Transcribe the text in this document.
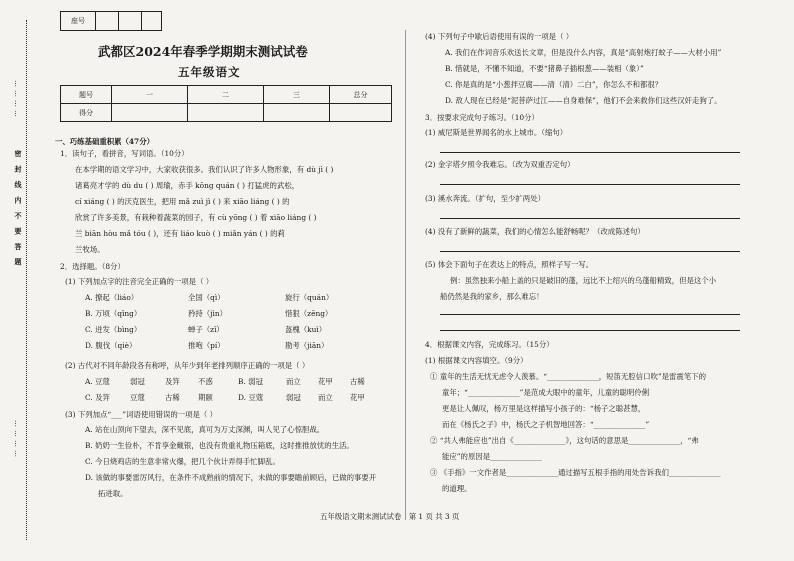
座号			
密 封 线 内 不 要 答 题
…………
…………
武都区2024年春季学期期末测试试卷
五年级语文
题号	一	二	三	总分
得分				
一、巧练基础重积累（47分）
1．读句子，看拼音，写词语。（10分）
在本学期的语文学习中，大家收获很多。我们认识了许多人物形象，有 dù jì ( )
诸葛亮才学的 dù du ( ) 周瑜，赤手 kōng quán ( ) 打猛虎的武松，
cí xiáng ( ) 的沃克医生，把用 mǎ zuì jì ( ) 来 xiāo liáng ( ) 的
欣赏了许多美景，有栽种着蔬菜的园子，有 cù yōng ( ) 着 xiāo liáng ( )
兰 biān hòu mǎ tóu ( )，还有 liáo kuò ( ) miǎn yán ( ) 的莉
兰牧场。
2．选择题。（8分）
(1) 下列加点字的注音完全正确的一项是（ ）
A. 撩起（liáo）	全国（qì）	旋行（quán）
B. 万顷（qǐng）	矜持（jìn）	惜狠（zēng）
C. 迸发（bìng）	蝉子（zǐ）	盔槐（kuì）
D. 腹伐（qiè）	推咆（pí）	勘考（jiān）
(2) 古代对不同年龄段各有称呼，从年少到年老排列顺序正确的一项是（ ）
A. 豆蔻	弱冠	及笄 不惑	B. 弱冠	而立 花甲 古稀
C. 及笄	豆蔻	古稀 期颐	D. 豆蔻	弱冠 而立 花甲
(3) 下列加点“___”词语使用错误的一项是（ ）
A. 站在山顶向下望去，深不见底，真可为万丈深渊，叫人见了心惊胆战。
B. 奶奶一生俭朴，不肯享金戴银，也没有贵重礼物压箱底，这时推推放忧的生活。
C. 今日烧鸡店的生意非常火爆，把几个伙计弄得手忙脚乱。
D. 该做的事要雷厉风行，在条件不成熟前的情况下，未做的事要瞻前顾后，已做的事要开
拓进取。
(4) 下列句子中歇后语使用有误的一项是（ ）
A. 我们在作词音乐欢送长文章，但是没什么内容，真是“高射炮打蚊子——大材小用”
B. 惜就是，不懂不知道，不要“猪鼻子插根葱——装相（象）”
C. 你是真的是“小葱拌豆腐——清（清）二白”，你怎么不和都很？
D. 敌人现在已经是“泥菩萨过江——自身难保”，他们不会来救你们这些汉奸走狗了。
3．按要求完成句子练习。（10分）
(1) 威尼斯是世界闻名的水上城市。（缩句）
(2) 金字塔夕照令我难忘。（改为双重否定句）
(3) 溪水奔流。（扩句，至少扩两处）
(4) 没有了新鲜的蔬菜，我们的心情怎么能舒畅呢？（改成陈述句）
(5) 体会下面句子在表达上的特点，照样子写一写。
例：虽然独来小船上盖的只是破旧的蓬，远比不上绍兴的乌蓬船精致，但是这个小
船仍然是我的家乡，那么难忘！
4．根据课文内容，完成练习。（15分）
(1) 根据课文内容填空。（9分）
① 童年的生活无忧无虑令人羡慕。“______________，短笛无腔信口吹”是雷震笔下的
童年；“______________”是范成大眼中的童年，儿童的聪明伶俐
更是让人佩叹，杨万里是这样描写小孩子的：“杨子之聪甚慧，
而在《杨氏之子》中，杨氏之子机智地回答：“______________”
② “共人弗能应也”出自《______________》，这句话的意思是______________，“弗
能应”的原因是______________
③ 《手指》一文作者是______________通过描写五根手指的用处告诉我们______________
的道理。
五年级语文期末测试试卷　第 1 页 共 3 页
